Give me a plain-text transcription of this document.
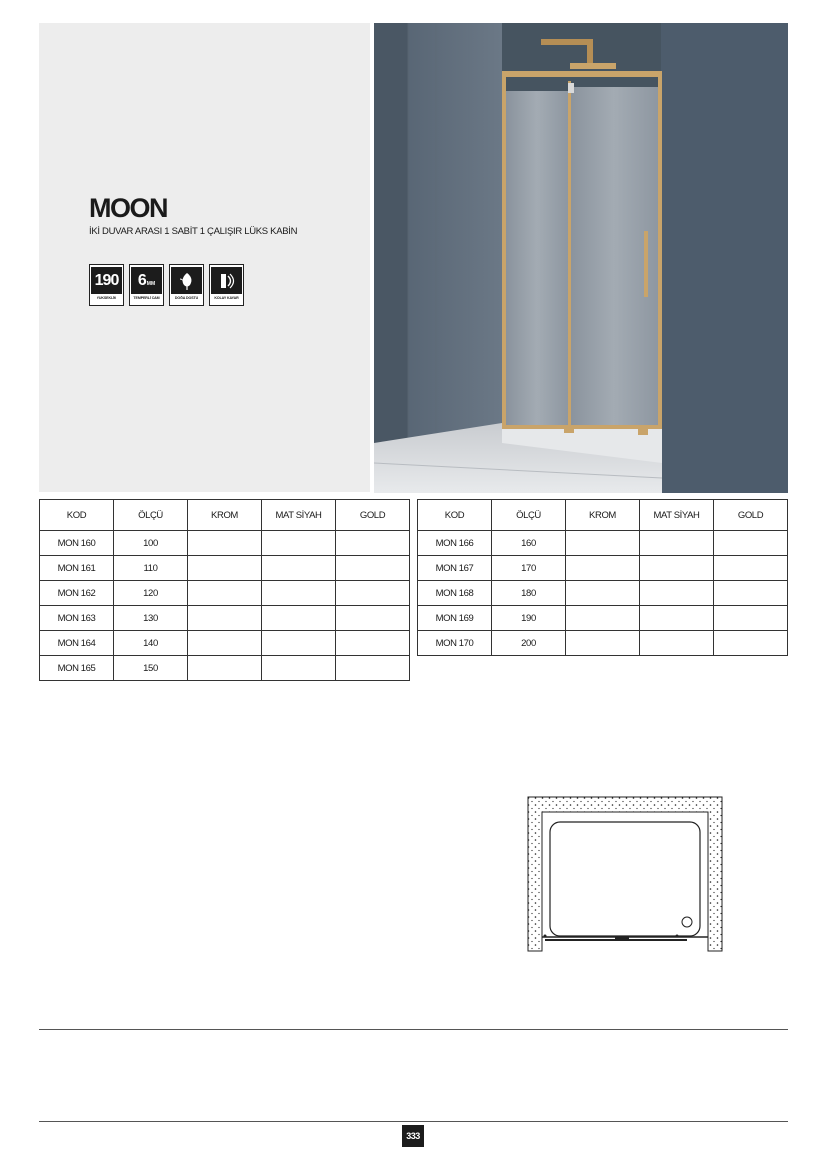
MOON

İKİ DUVAR ARASI 1 SABİT 1 ÇALIŞIR LÜKS KABİN

190
YÜKSEKLİK
6 MM
TEMPERLİ CAM	DOĞA DOSTU	KOLAY KAYAR
KOD	ÖLÇÜ	KROM	MAT SİYAH	GOLD
MON 160	100			
MON 161	110			
MON 162	120			
MON 163	130			
MON 164	140			
MON 165	150			
KOD	ÖLÇÜ	KROM	MAT SİYAH	GOLD
MON 166	160			
MON 167	170			
MON 168	180			
MON 169	190			
MON 170	200			
333
